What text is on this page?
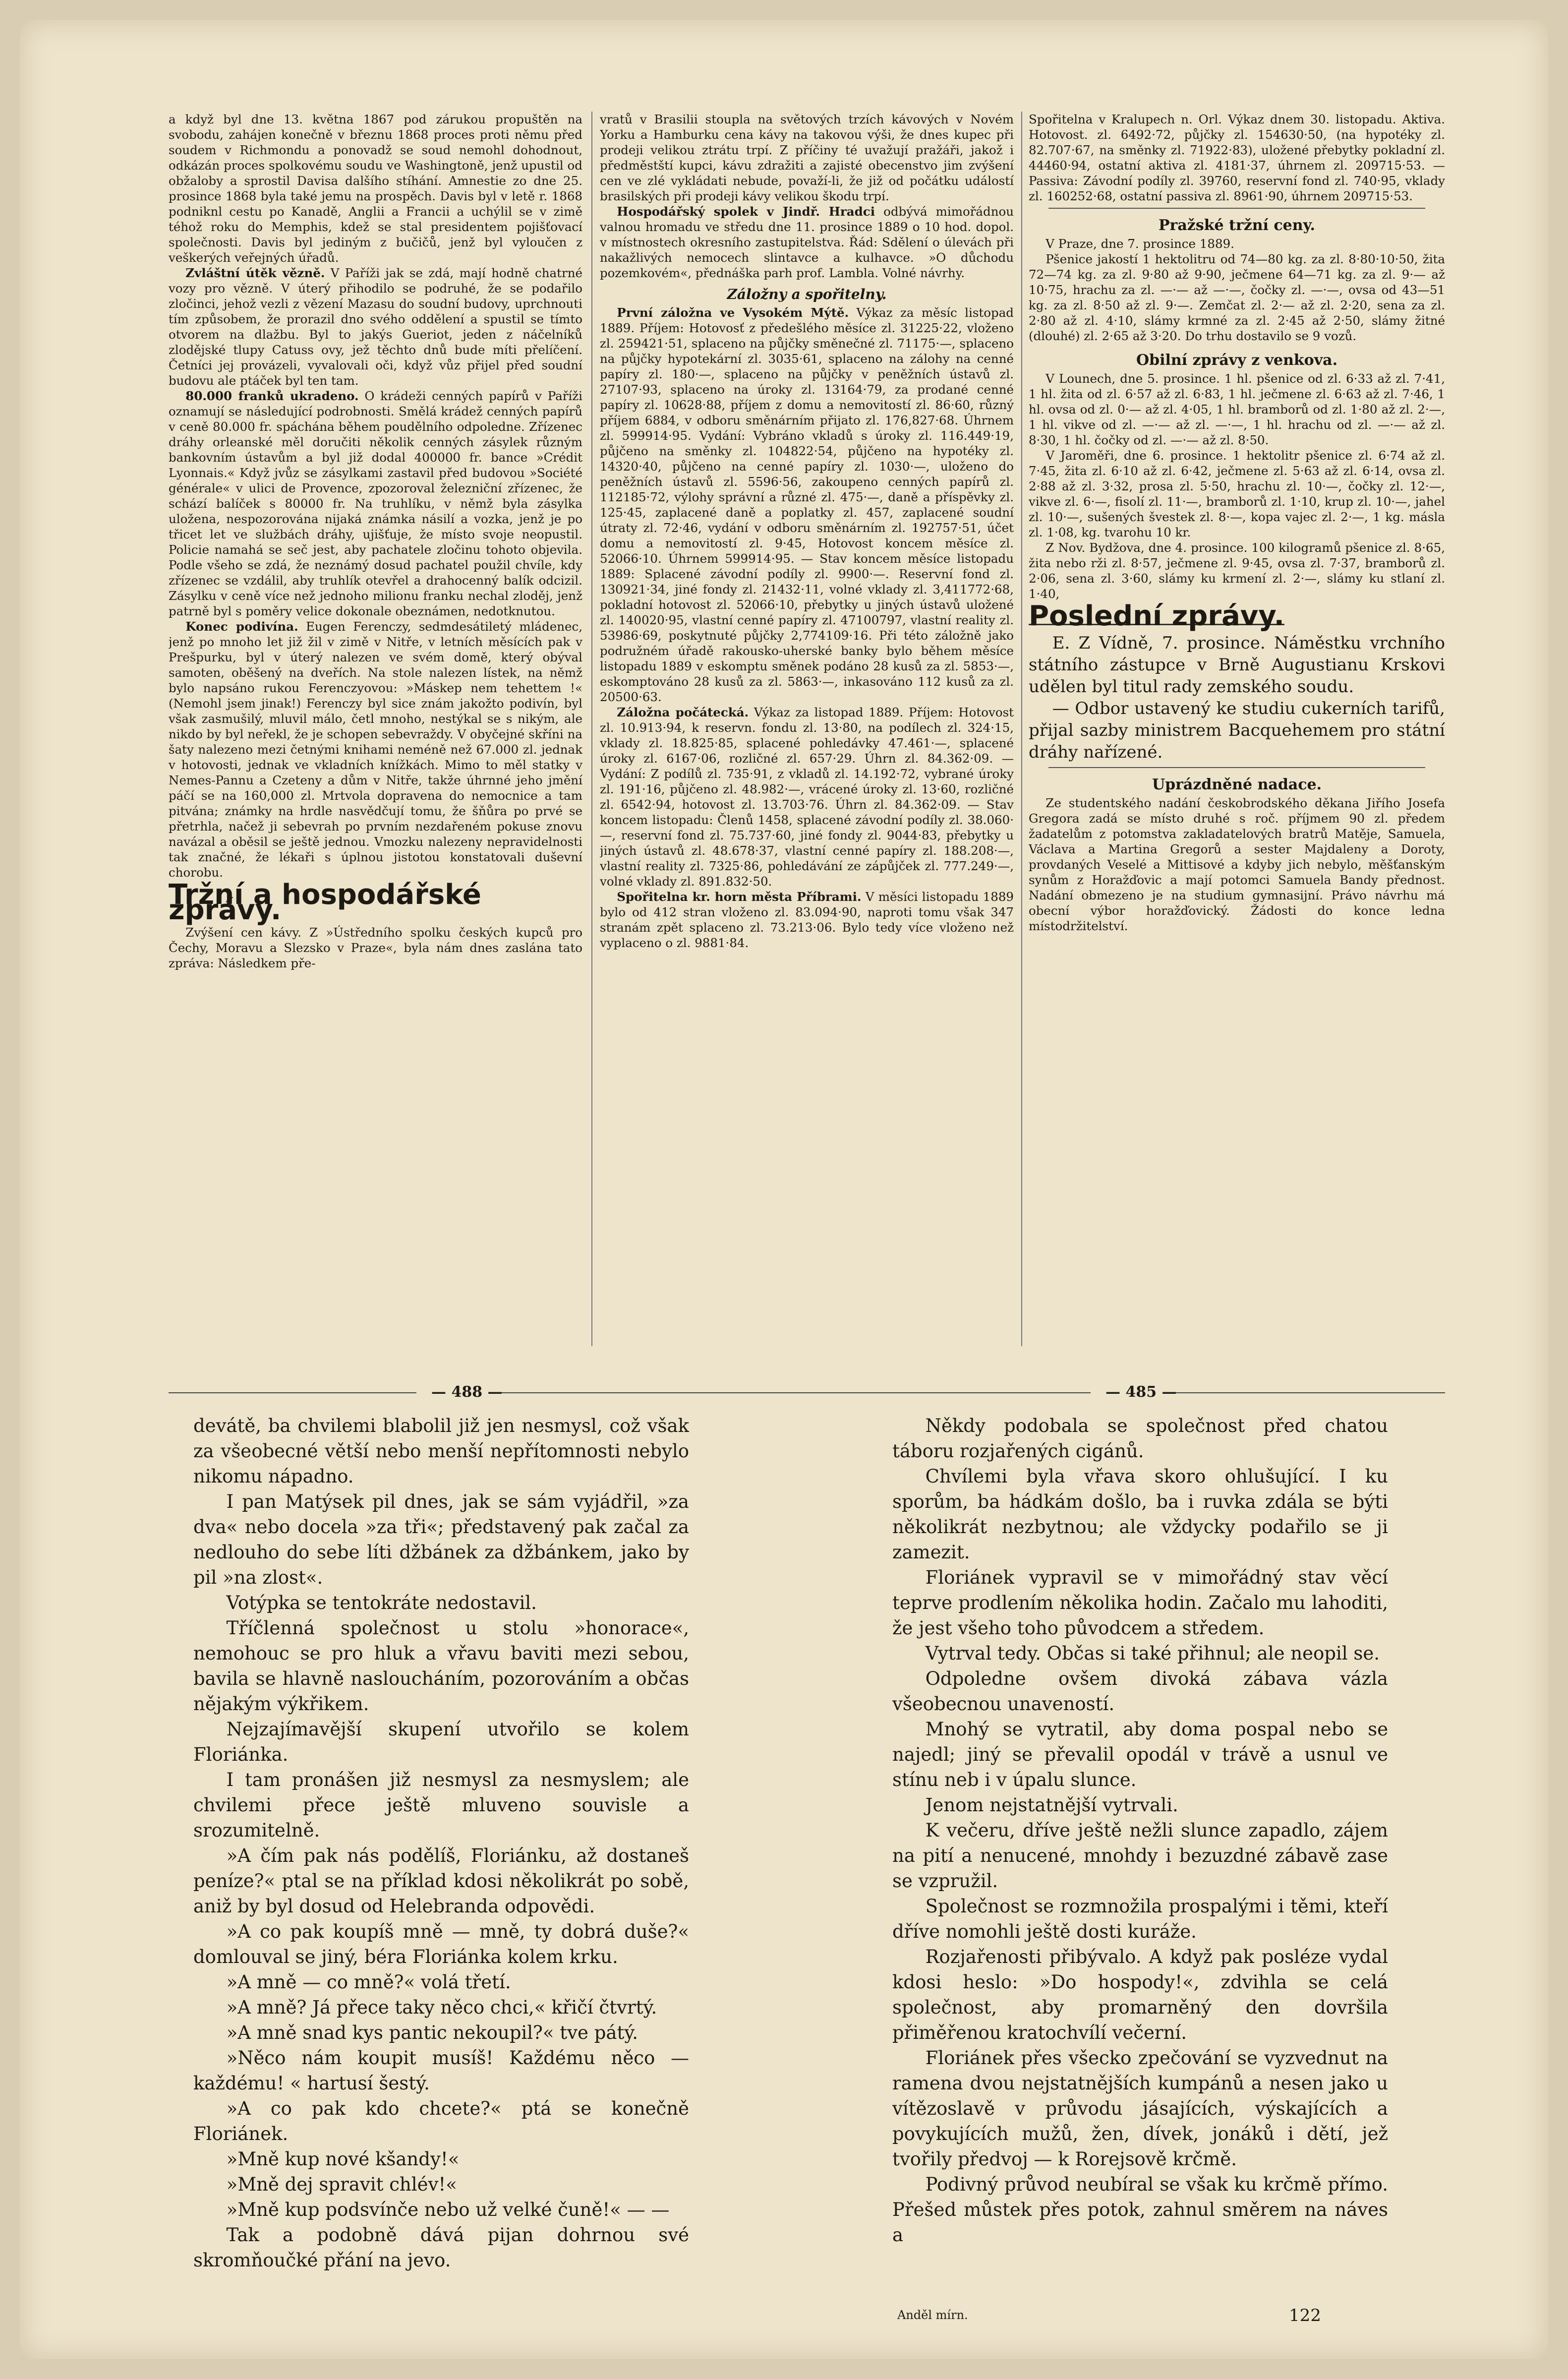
a když byl dne 13. května 1867 pod zárukou propuštěn na svobodu, zahájen konečně v březnu 1868 proces proti němu před soudem v Richmondu a ponovadž se soud nemohl dohodnout, odkázán proces spolkovému soudu ve Washingtoně, jenž upustil od obžaloby a sprostil Davisa dalšího stíhání. Amnestie zo dne 25. prosince 1868 byla také jemu na prospěch. Davis byl v letě r. 1868 podniknl cestu po Kanadě, Anglii a Francii a uchýlil se v zimě téhož roku do Memphis, kdež se stal presidentem pojišťovací společnosti. Davis byl jediným z bučičů, jenž byl vyloučen z veškerých veřejných úřadů.

Zvláštní útěk vězně. V Paříži jak se zdá, mají hodně chatrné vozy pro vězně. V úterý přihodilo se podruhé, že se podařilo zločinci, jehož vezli z vězení Mazasu do soudní budovy, uprchnouti tím způsobem, že prorazil dno svého oddělení a spustil se tímto otvorem na dlažbu. Byl to jakýs Gueriot, jeden z náčelníků zlodějské tlupy Catuss ovy, jež těchto dnů bude míti přelíčení. Četníci jej provázeli, vyvalovali oči, když vůz přijel před soudní budovu ale ptáček byl ten tam.

80.000 franků ukradeno. O krádeži cenných papírů v Paříži oznamují se následující podrobnosti. Smělá krádež cenných papírů v ceně 80.000 fr. spáchána během poudělního odpoledne. Zřízenec dráhy orleanské měl doručiti několik cenných zásylek různým bankovním ústavům a byl již dodal 400000 fr. bance »Crédit Lyonnais.« Když jvůz se zásylkami zastavil před budovou »Société générale« v ulici de Provence, zpozoroval železniční zřízenec, že schází balíček s 80000 fr. Na truhlíku, v němž byla zásylka uložena, nespozorována nijaká známka násilí a vozka, jenž je po třicet let ve službách dráhy, ujišťuje, že místo svoje neopustil. Policie namahá se seč jest, aby pachatele zločinu tohoto objevila. Podle všeho se zdá, že neznámý dosud pachatel použil chvíle, kdy zřízenec se vzdálil, aby truhlík otevřel a drahocenný balík odcizil. Zásylku v ceně více než jednoho milionu franku nechal zloděj, jenž patrně byl s poměry velice dokonale obeznámen, nedotknutou.

Konec podivína. Eugen Ferenczy, sedmdesátiletý mládenec, jenž po mnoho let již žil v zimě v Nitře, v letních měsících pak v Prešpurku, byl v úterý nalezen ve svém domě, který obýval samoten, oběšený na dveřích. Na stole nalezen lístek, na němž bylo napsáno rukou Ferenczyovou: »Máskep nem tehettem !« (Nemohl jsem jinak!) Ferenczy byl sice znám jakožto podivín, byl však zasmušilý, mluvil málo, četl mnoho, nestýkal se s nikým, ale nikdo by byl neřekl, že je schopen sebevraždy. V obyčejné skříni na šaty nalezeno mezi četnými knihami neméně než 67.000 zl. jednak v hotovosti, jednak ve vkladních knížkách. Mimo to měl statky v Nemes-Pannu a Czeteny a dům v Nitře, takže úhrnné jeho jmění páčí se na 160,000 zl. Mrtvola dopravena do nemocnice a tam pitvána; známky na hrdle nasvědčují tomu, že šňůra po prvé se přetrhla, načež ji sebevrah po prvním nezdařeném pokuse znovu navázal a oběsil se ještě jednou. Vmozku nalezeny nepravidelnosti tak značné, že lékaři s úplnou jistotou konstatovali duševní chorobu.

Tržní a hospodářské zprávy.

Zvýšení cen kávy. Z »Ústředního spolku českých kupců pro Čechy, Moravu a Slezsko v Praze«, byla nám dnes zaslána tato zpráva: Následkem pře-

vratů v Brasilii stoupla na světových trzích kávových v Novém Yorku a Hamburku cena kávy na takovou výši, že dnes kupec při prodeji velikou ztrátu trpí. Z příčiny té uvažují pražáři, jakož i předměstští kupci, kávu zdražiti a zajisté obecenstvo jim zvýšení cen ve zlé vykládati nebude, považí-li, že již od počátku událostí brasilských při prodeji kávy velikou škodu trpí.

Hospodářský spolek v Jindř. Hradci odbývá mimořádnou valnou hromadu ve středu dne 11. prosince 1889 o 10 hod. dopol. v místnostech okresního zastupitelstva. Řád: Sdělení o úlevách při nakažlivých nemocech slintavce a kulhavce. »O důchodu pozemkovém«, přednáška parh prof. Lambla. Volné návrhy.

Záložny a spořitelny.

První záložna ve Vysokém Mýtě. Výkaz za měsíc listopad 1889. Příjem: Hotovosť z předešlého měsíce zl. 31225·22, vloženo zl. 259421·51, splaceno na půjčky směnečné zl. 71175·—, splaceno na půjčky hypotekární zl. 3035·61, splaceno na zálohy na cenné papíry zl. 180·—, splaceno na půjčky v peněžních ústavů zl. 27107·93, splaceno na úroky zl. 13164·79, za prodané cenné papíry zl. 10628·88, příjem z domu a nemovitostí zl. 86·60, různý příjem 6884, v odboru směnárním přijato zl. 176,827·68. Úhrnem zl. 599914·95. Vydání: Vybráno vkladů s úroky zl. 116.449·19, půjčeno na směnky zl. 104822·54, půjčeno na hypotéky zl. 14320·40, půjčeno na cenné papíry zl. 1030·—, uloženo do peněžních ústavů zl. 5596·56, zakoupeno cenných papírů zl. 112185·72, výlohy správní a různé zl. 475·—, daně a příspěvky zl. 125·45, zaplacené daně a poplatky zl. 457, zaplacené soudní útraty zl. 72·46, vydání v odboru směnárním zl. 192757·51, účet domu a nemovitostí zl. 9·45, Hotovost koncem měsíce zl. 52066·10. Úhrnem 599914·95. — Stav koncem měsíce listopadu 1889: Splacené závodní podíly zl. 9900·—. Reservní fond zl. 130921·34, jiné fondy zl. 21432·11, volné vklady zl. 3,411772·68, pokladní hotovost zl. 52066·10, přebytky u jiných ústavů uložené zl. 140020·95, vlastní cenné papíry zl. 47100797, vlastní reality zl. 53986·69, poskytnuté půjčky 2,774109·16. Při této záložně jako podružném úřadě rakousko-uherské banky bylo během měsíce listopadu 1889 v eskomptu směnek podáno 28 kusů za zl. 5853·—, eskomptováno 28 kusů za zl. 5863·—, inkasováno 112 kusů za zl. 20500·63.

Záložna počátecká. Výkaz za listopad 1889. Příjem: Hotovost zl. 10.913·94, k reservn. fondu zl. 13·80, na podílech zl. 324·15, vklady zl. 18.825·85, splacené pohledávky 47.461·—, splacené úroky zl. 6167·06, rozličné zl. 657·29. Úhrn zl. 84.362·09. — Vydání: Z podílů zl. 735·91, z vkladů zl. 14.192·72, vybrané úroky zl. 191·16, půjčeno zl. 48.982·—, vrácené úroky zl. 13·60, rozličné zl. 6542·94, hotovost zl. 13.703·76. Úhrn zl. 84.362·09. — Stav koncem listopadu: Členů 1458, splacené závodní podíly zl. 38.060·—, reservní fond zl. 75.737·60, jiné fondy zl. 9044·83, přebytky u jiných ústavů zl. 48.678·37, vlastní cenné papíry zl. 188.208·—, vlastní reality zl. 7325·86, pohledávání ze zápůjček zl. 777.249·—, volné vklady zl. 891.832·50.

Spořitelna kr. horn města Příbrami. V měsíci listopadu 1889 bylo od 412 stran vloženo zl. 83.094·90, naproti tomu však 347 stranám zpět splaceno zl. 73.213·06. Bylo tedy více vloženo než vyplaceno o zl. 9881·84.

Spořitelna v Kralupech n. Orl. Výkaz dnem 30. listopadu. Aktiva. Hotovost. zl. 6492·72, půjčky zl. 154630·50, (na hypotéky zl. 82.707·67, na směnky zl. 71922·83), uložené přebytky pokladní zl. 44460·94, ostatní aktiva zl. 4181·37, úhrnem zl. 209715·53. — Passiva: Závodní podíly zl. 39760, reservní fond zl. 740·95, vklady zl. 160252·68, ostatní passiva zl. 8961·90, úhrnem 209715·53.

Pražské tržní ceny.

V Praze, dne 7. prosince 1889.

Pšenice jakostí 1 hektolitru od 74—80 kg. za zl. 8·80·10·50, žita 72—74 kg. za zl. 9·80 až 9·90, ječmene 64—71 kg. za zl. 9·— až 10·75, hrachu za zl. —·— až —·—, čočky zl. —·—, ovsa od 43—51 kg. za zl. 8·50 až zl. 9·—. Zemčat zl. 2·— až zl. 2·20, sena za zl. 2·80 až zl. 4·10, slámy krmné za zl. 2·45 až 2·50, slámy žitné (dlouhé) zl. 2·65 až 3·20. Do trhu dostavilo se 9 vozů.

Obilní zprávy z venkova.

V Lounech, dne 5. prosince. 1 hl. pšenice od zl. 6·33 až zl. 7·41, 1 hl. žita od zl. 6·57 až zl. 6·83, 1 hl. ječmene zl. 6·63 až zl. 7·46, 1 hl. ovsa od zl. 0·— až zl. 4·05, 1 hl. bramborů od zl. 1·80 až zl. 2·—, 1 hl. vikve od zl. —·— až zl. —·—, 1 hl. hrachu od zl. —·— až zl. 8·30, 1 hl. čočky od zl. —·— až zl. 8·50.

V Jaroměři, dne 6. prosince. 1 hektolitr pšenice zl. 6·74 až zl. 7·45, žita zl. 6·10 až zl. 6·42, ječmene zl. 5·63 až zl. 6·14, ovsa zl. 2·88 až zl. 3·32, prosa zl. 5·50, hrachu zl. 10·—, čočky zl. 12·—, vikve zl. 6·—, fisolí zl. 11·—, bramborů zl. 1·10, krup zl. 10·—, jahel zl. 10·—, sušených švestek zl. 8·—, kopa vajec zl. 2·—, 1 kg. másla zl. 1·08, kg. tvarohu 10 kr.

Z Nov. Bydžova, dne 4. prosince. 100 kilogramů pšenice zl. 8·65, žita nebo rži zl. 8·57, ječmene zl. 9·45, ovsa zl. 7·37, bramborů zl. 2·06, sena zl. 3·60, slámy ku krmení zl. 2·—, slámy ku stlaní zl. 1·40,

Poslední zprávy.

E. Z Vídně, 7. prosince. Náměstku vrchního státního zástupce v Brně Augustianu Krskovi udělen byl titul rady zemského soudu.

— Odbor ustavený ke studiu cukerních tarifů, přijal sazby ministrem Bacquehemem pro státní dráhy nařízené.

Uprázdněné nadace.

Ze studentského nadání českobrodského děkana Jiřího Josefa Gregora zadá se místo druhé s roč. příjmem 90 zl. předem žadatelům z potomstva zakladatelových bratrů Matěje, Samuela, Václava a Martina Gregorů a sester Majdaleny a Doroty, provdaných Veselé a Mittisové a kdyby jich nebylo, měšťanským synům z Horažďovic a mají potomci Samuela Bandy přednost. Nadání obmezeno je na studium gymnasijní. Právo návrhu má obecní výbor horažďovický. Žádosti do konce ledna místodržitelství.

— 488 —	— 485 —

devátě, ba chvilemi blabolil již jen nesmysl, což však za všeobecné větší nebo menší nepřítomnosti nebylo nikomu nápadno.

I pan Matýsek pil dnes, jak se sám vyjádřil, »za dva« nebo docela »za tři«; představený pak začal za nedlouho do sebe líti džbánek za džbánkem, jako by pil »na zlost«.

Votýpka se tentokráte nedostavil.

Tříčlenná společnost u stolu »honorace«, nemohouc se pro hluk a vřavu baviti mezi sebou, bavila se hlavně nasloucháním, pozorováním a občas nějakým výkřikem.

Nejzajímavější skupení utvořilo se kolem Floriánka.

I tam pronášen již nesmysl za nesmyslem; ale chvilemi přece ještě mluveno souvisle a srozumitelně.

»A čím pak nás podělíš, Floriánku, až dostaneš peníze?« ptal se na příklad kdosi několikrát po sobě, aniž by byl dosud od Helebranda odpovědi.

»A co pak koupíš mně — mně, ty dobrá duše?« domlouval se jiný, béra Floriánka kolem krku.

»A mně — co mně?« volá třetí.

»A mně? Já přece taky něco chci,« křičí čtvrtý.

»A mně snad kys pantic nekoupil?« tve pátý.

»Něco nám koupit musíš! Každému něco — každému! « hartusí šestý.

»A co pak kdo chcete?« ptá se konečně Floriánek.

»Mně kup nové kšandy!«

»Mně dej spravit chlév!«

»Mně kup podsvínče nebo už velké čuně!« — —

Tak a podobně dává pijan dohrnou své skromňoučké přání na jevo.

Někdy podobala se společnost před chatou táboru rozjařených cigánů.

Chvílemi byla vřava skoro ohlušující. I ku sporům, ba hádkám došlo, ba i ruvka zdála se býti několikrát nezbytnou; ale vždycky podařilo se ji zamezit.

Floriánek vypravil se v mimořádný stav věcí teprve prodlením několika hodin. Začalo mu lahoditi, že jest všeho toho původcem a středem.

Vytrval tedy. Občas si také přihnul; ale neopil se.

Odpoledne ovšem divoká zábava vázla všeobecnou unaveností.

Mnohý se vytratil, aby doma pospal nebo se najedl; jiný se převalil opodál v trávě a usnul ve stínu neb i v úpalu slunce.

Jenom nejstatnější vytrvali.

K večeru, dříve ještě nežli slunce zapadlo, zájem na pití a nenucené, mnohdy i bezuzdné zábavě zase se vzpružil.

Společnost se rozmnožila prospalými i těmi, kteří dříve nomohli ještě dosti kuráže.

Rozjařenosti přibývalo. A když pak posléze vydal kdosi heslo: »Do hospody!«, zdvihla se celá společnost, aby promarněný den dovršila přiměřenou kratochvílí večerní.

Floriánek přes všecko zpečování se vyzvednut na ramena dvou nejstatnějších kumpánů a nesen jako u vítězoslavě v průvodu jásajících, výskajících a povykujících mužů, žen, dívek, jonáků i dětí, jež tvořily předvoj — k Rorejsově krčmě.

Podivný průvod neubíral se však ku krčmě přímo. Přešed můstek přes potok, zahnul směrem na náves a

Anděl mírn.	122
